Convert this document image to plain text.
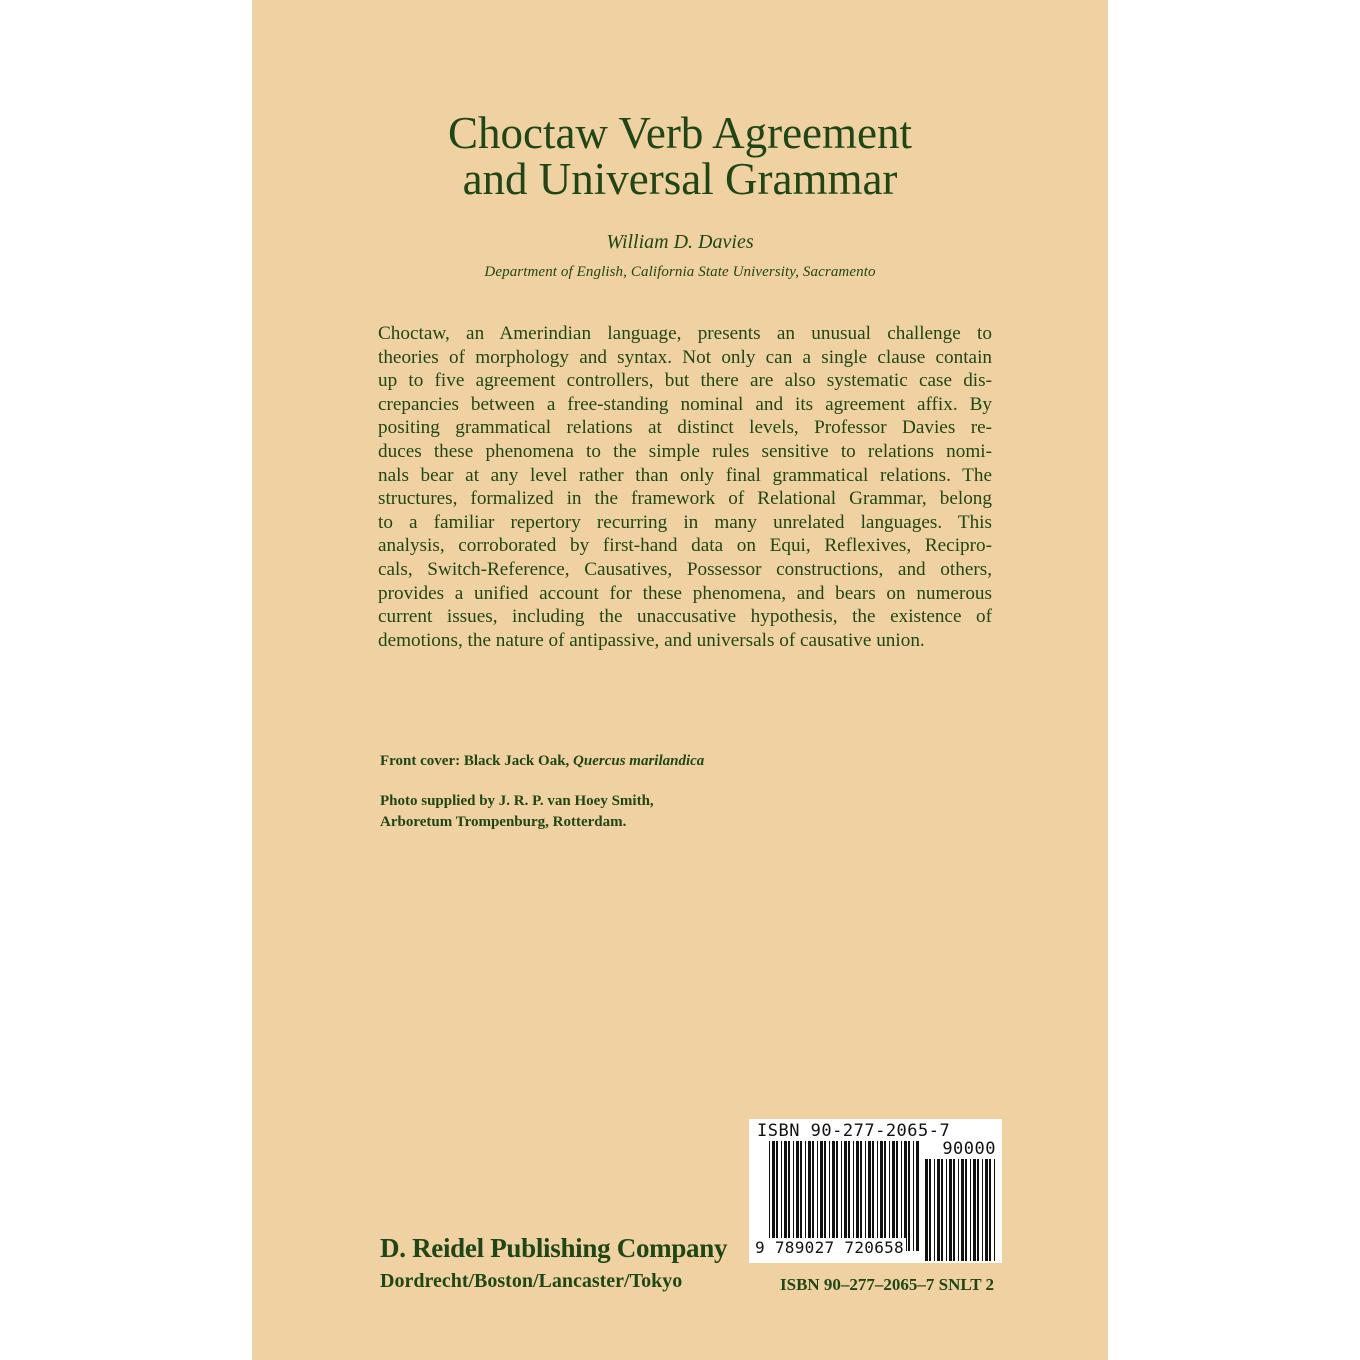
Choctaw Verb Agreement
and Universal Grammar
William D. Davies
Department of English, California State University, Sacramento
Choctaw, an Amerindian language, presents an unusual challenge to
theories of morphology and syntax. Not only can a single clause contain
up to five agreement controllers, but there are also systematic case dis-
crepancies between a free-standing nominal and its agreement affix. By
positing grammatical relations at distinct levels, Professor Davies re-
duces these phenomena to the simple rules sensitive to relations nomi-
nals bear at any level rather than only final grammatical relations. The
structures, formalized in the framework of Relational Grammar, belong
to a familiar repertory recurring in many unrelated languages. This
analysis, corroborated by first-hand data on Equi, Reflexives, Recipro-
cals, Switch-Reference, Causatives, Possessor constructions, and others,
provides a unified account for these phenomena, and bears on numerous
current issues, including the unaccusative hypothesis, the existence of
demotions, the nature of antipassive, and universals of causative union.
Front cover: Black Jack Oak, Quercus marilandica
Photo supplied by J. R. P. van Hoey Smith,
Arboretum Trompenburg, Rotterdam.
D. Reidel Publishing Company
Dordrecht/Boston/Lancaster/Tokyo
ISBN 90-277-2065-7
90000
9 789027 720658
ISBN 90–277–2065–7 SNLT 2
